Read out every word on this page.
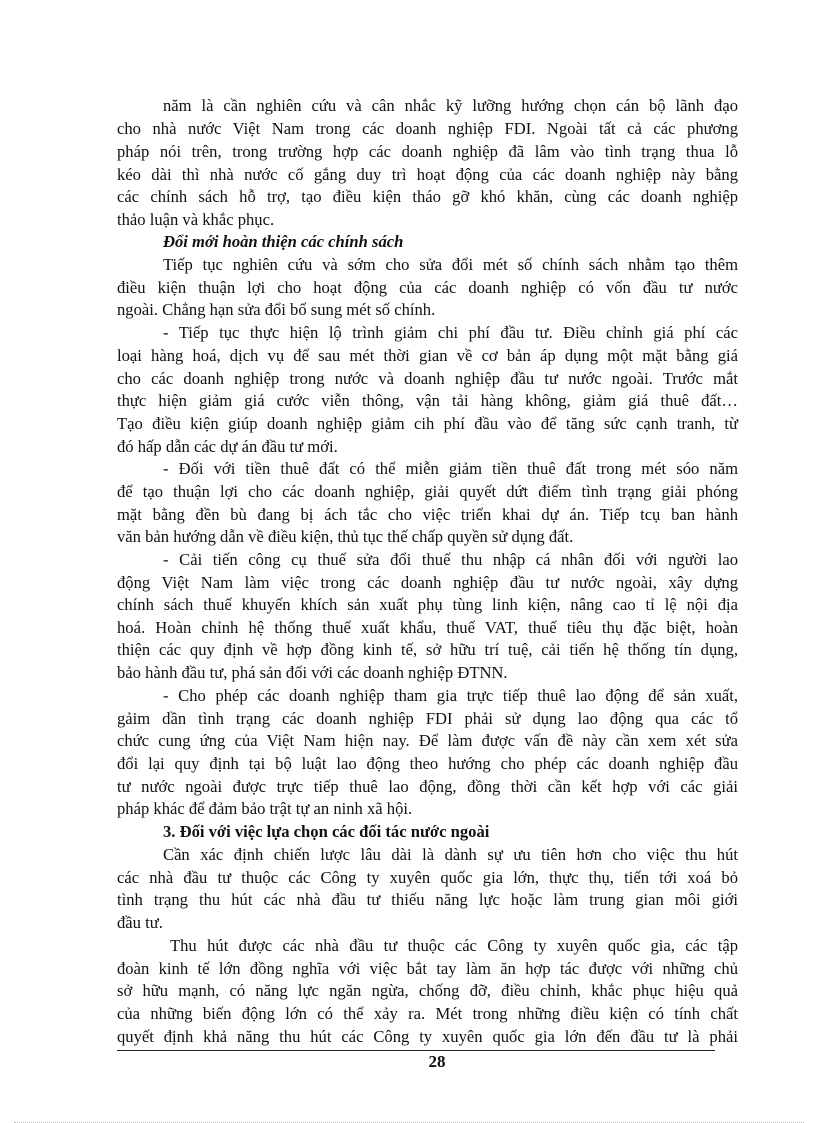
năm là cần nghiên cứu và cân nhắc kỹ lưỡng hướng chọn cán bộ lãnh đạo
cho nhà nước Việt Nam trong các doanh nghiệp FDI. Ngoài tất cả các phương
pháp nói trên, trong trường hợp các doanh nghiệp đã lâm vào tình trạng thua lỗ
kéo dài thì nhà nước cố gắng duy trì hoạt động của các doanh nghiệp này bằng
các chính sách hỗ trợ, tạo điều kiện tháo gỡ khó khăn, cùng các doanh nghiệp
thảo luận và khắc phục.
Đổi mới hoàn thiện các chính sách
Tiếp tục nghiên cứu và sớm cho sửa đổi mét số chính sách nhằm tạo thêm
điều kiện thuận lợi cho hoạt động của các doanh nghiệp có vốn đầu tư nước
ngoài. Chẳng hạn sửa đổi bổ sung mét số chính.
- Tiếp tục thực hiện lộ trình giảm chi phí đầu tư. Điều chỉnh giá phí các
loại hàng hoá, dịch vụ để sau mét thời gian về cơ bản áp dụng một mặt bằng giá
cho các doanh nghiệp trong nước và doanh nghiệp đầu tư nước ngoài. Trước mắt
thực hiện giảm giá cước viễn thông, vận tải hàng không, giảm giá thuê đất…
Tạo điều kiện giúp doanh nghiệp giảm cih phí đầu vào để tăng sức cạnh tranh, từ
đó hấp dẫn các dự án đầu tư mới.
- Đối với tiền thuê đất có thể miễn giảm tiền thuê đất trong mét sóo năm
để tạo thuận lợi cho các doanh nghiệp, giải quyết dứt điểm tình trạng giải phóng
mặt bằng đền bù đang bị ách tắc cho việc triển khai dự án. Tiếp tcụ ban hành
văn bản hướng dẫn về điều kiện, thủ tục thế chấp quyền sử dụng đất.
- Cải tiến công cụ thuế sửa đổi thuế thu nhập cá nhân đối với người lao
động Việt Nam làm việc trong các doanh nghiệp đầu tư nước ngoài, xây dựng
chính sách thuế khuyến khích sản xuất phụ tùng linh kiện, nâng cao tỉ lệ nội địa
hoá. Hoàn chỉnh hệ thống thuế xuất khẩu, thuế VAT, thuế tiêu thụ đặc biệt, hoàn
thiện các quy định về hợp đồng kinh tế, sở hữu trí tuệ, cải tiến hệ thống tín dụng,
bảo hành đầu tư, phá sản đối với các doanh nghiệp ĐTNN.
- Cho phép các doanh nghiệp tham gia trực tiếp thuê lao động để sản xuất,
gảim dần tình trạng các doanh nghiệp FDI phải sử dụng lao động qua các tổ
chức cung ứng của Việt Nam hiện nay. Để làm được vấn đề này cần xem xét sửa
đổi lại quy định tại bộ luật lao động theo hướng cho phép các doanh nghiệp đầu
tư nước ngoài được trực tiếp thuê lao động, đồng thời cần kết hợp với các giải
pháp khác để đảm bảo trật tự an ninh xã hội.
3. Đối với việc lựa chọn các đối tác nước ngoài
Cần xác định chiến lược lâu dài là dành sự ưu tiên hơn cho việc thu hút
các nhà đầu tư thuộc các Công ty xuyên quốc gia lớn, thực thụ, tiến tới xoá bỏ
tình trạng thu hút các nhà đầu tư thiếu năng lực hoặc làm trung gian môi giới
đầu tư.
Thu hút được các nhà đầu tư thuộc các Công ty xuyên quốc gia, các tập
đoàn kinh tế lớn đồng nghĩa với việc bắt tay làm ăn hợp tác được với những chủ
sở hữu mạnh, có năng lực ngăn ngừa, chống đỡ, điều chỉnh, khắc phục hiệu quả
của những biến động lớn có thể xảy ra. Mét trong những điều kiện có tính chất
quyết định khả năng thu hút các Công ty xuyên quốc gia lớn đến đầu tư là phải
28
